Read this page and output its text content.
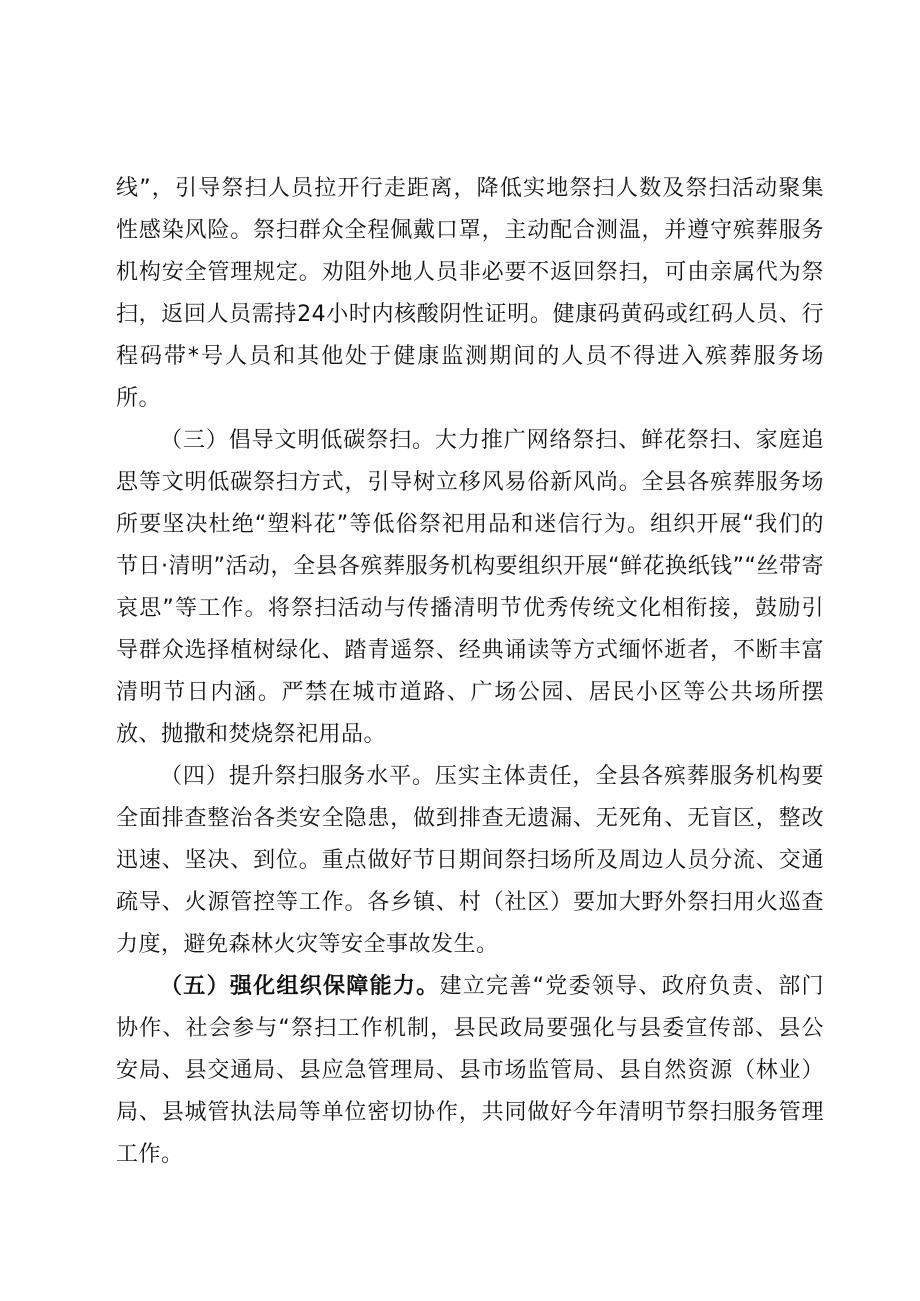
线”，引导祭扫人员拉开行走距离，降低实地祭扫人数及祭扫活动聚集性感染风险。祭扫群众全程佩戴口罩，主动配合测温，并遵守殡葬服务机构安全管理规定。劝阻外地人员非必要不返回祭扫，可由亲属代为祭扫，返回人员需持24小时内核酸阴性证明。健康码黄码或红码人员、行程码带*号人员和其他处于健康监测期间的人员不得进入殡葬服务场所。

（三）倡导文明低碳祭扫。大力推广网络祭扫、鲜花祭扫、家庭追思等文明低碳祭扫方式，引导树立移风易俗新风尚。全县各殡葬服务场所要坚决杜绝“塑料花”等低俗祭祀用品和迷信行为。组织开展“我们的节日·清明”活动，全县各殡葬服务机构要组织开展“鲜花换纸钱”“丝带寄哀思”等工作。将祭扫活动与传播清明节优秀传统文化相衔接，鼓励引导群众选择植树绿化、踏青遥祭、经典诵读等方式缅怀逝者，不断丰富清明节日内涵。严禁在城市道路、广场公园、居民小区等公共场所摆放、抛撒和焚烧祭祀用品。

（四）提升祭扫服务水平。压实主体责任，全县各殡葬服务机构要全面排查整治各类安全隐患，做到排查无遗漏、无死角、无盲区，整改迅速、坚决、到位。重点做好节日期间祭扫场所及周边人员分流、交通疏导、火源管控等工作。各乡镇、村（社区）要加大野外祭扫用火巡查力度，避免森林火灾等安全事故发生。

（五）强化组织保障能力。建立完善“党委领导、政府负责、部门协作、社会参与“祭扫工作机制，县民政局要强化与县委宣传部、县公安局、县交通局、县应急管理局、县市场监管局、县自然资源（林业）局、县城管执法局等单位密切协作，共同做好今年清明节祭扫服务管理工作。
